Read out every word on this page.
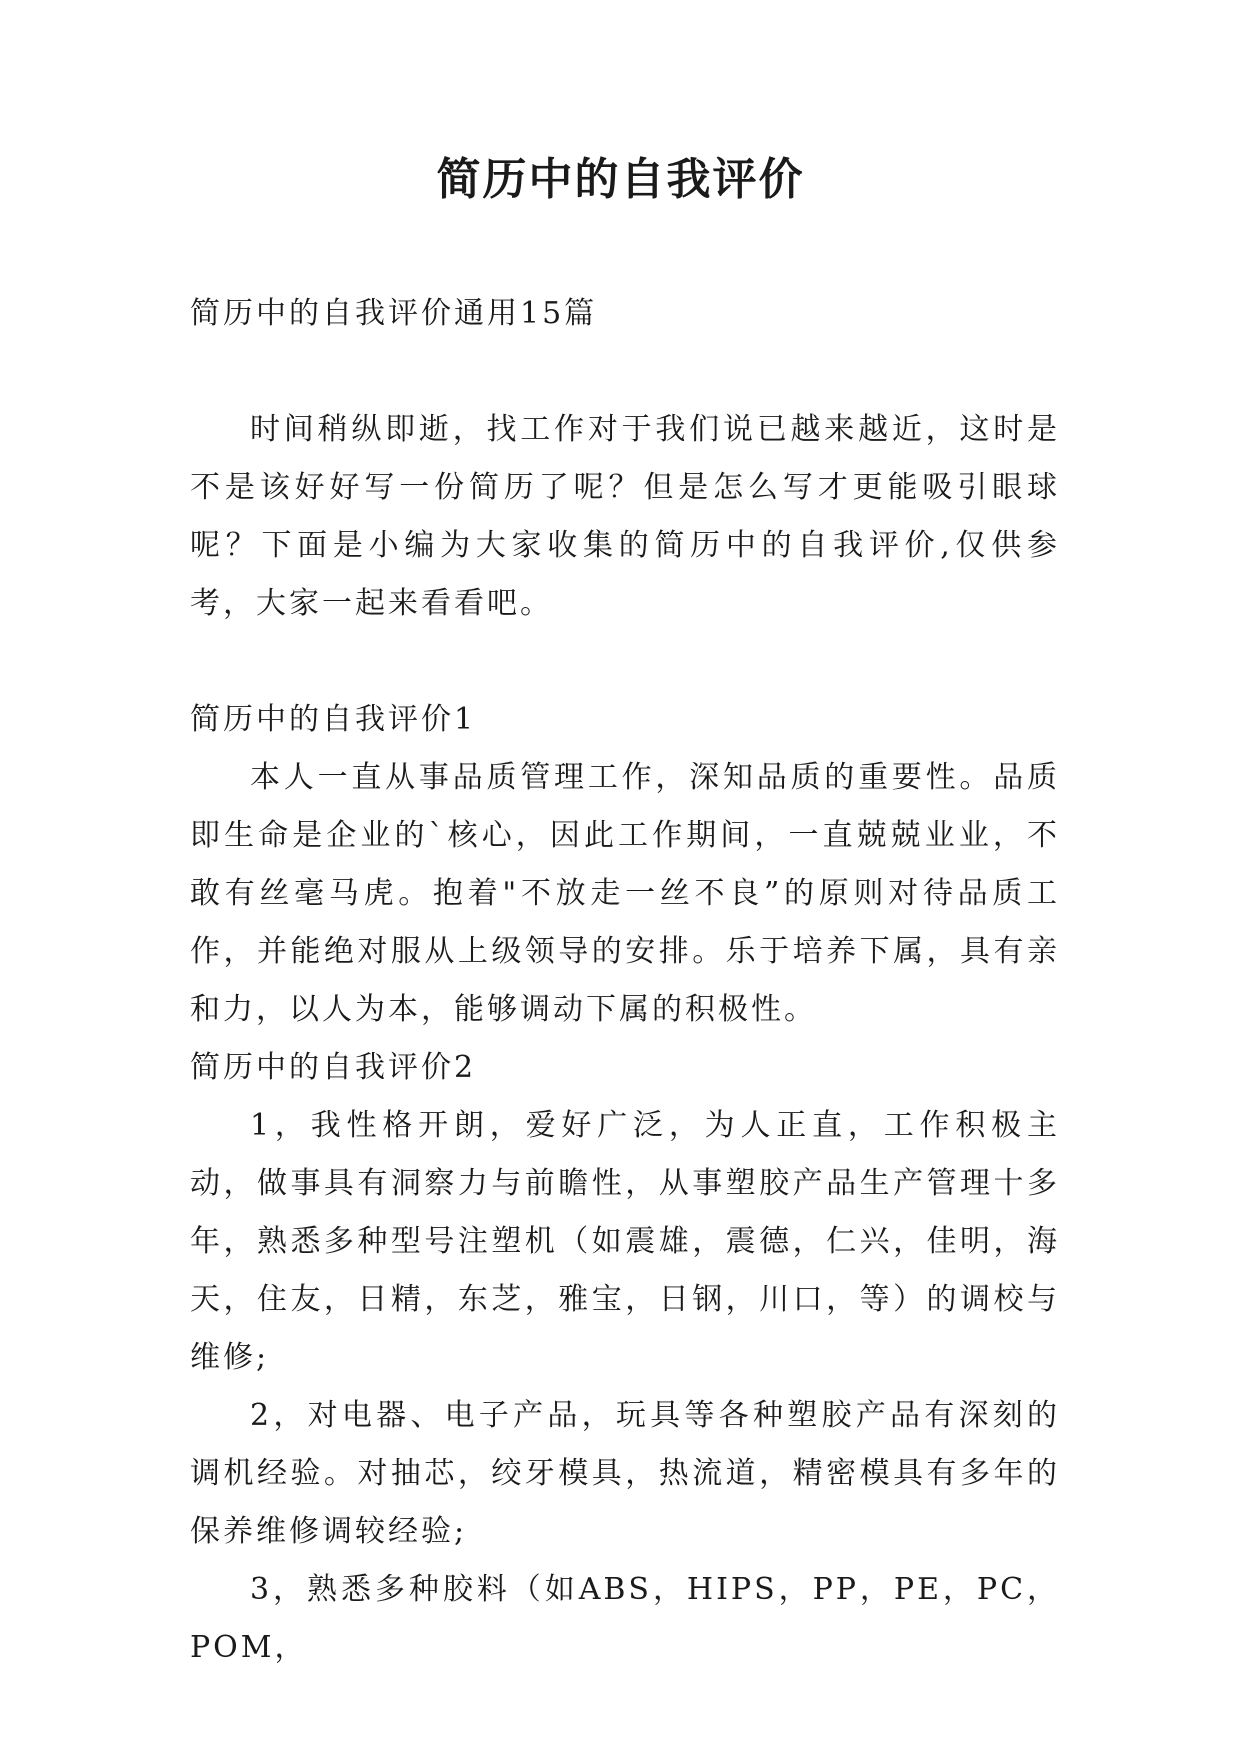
简历中的自我评价

简历中的自我评价通用15篇

时间稍纵即逝，找工作对于我们说已越来越近，这时是不是该好好写一份简历了呢？但是怎么写才更能吸引眼球呢？下面是小编为大家收集的简历中的自我评价,仅供参考，大家一起来看看吧。

简历中的自我评价1

本人一直从事品质管理工作，深知品质的重要性。品质即生命是企业的`核心，因此工作期间，一直兢兢业业，不敢有丝毫马虎。抱着"不放走一丝不良”的原则对待品质工作，并能绝对服从上级领导的安排。乐于培养下属，具有亲和力，以人为本，能够调动下属的积极性。

简历中的自我评价2

1，我性格开朗，爱好广泛，为人正直，工作积极主动，做事具有洞察力与前瞻性，从事塑胶产品生产管理十多年，熟悉多种型号注塑机（如震雄，震德，仁兴，佳明，海天，住友，日精，东芝，雅宝，日钢，川口，等）的调校与维修;

2，对电器、电子产品，玩具等各种塑胶产品有深刻的调机经验。对抽芯，绞牙模具，热流道，精密模具有多年的保养维修调较经验;

3，熟悉多种胶料（如ABS，HIPS，PP，PE，PC，POM，
